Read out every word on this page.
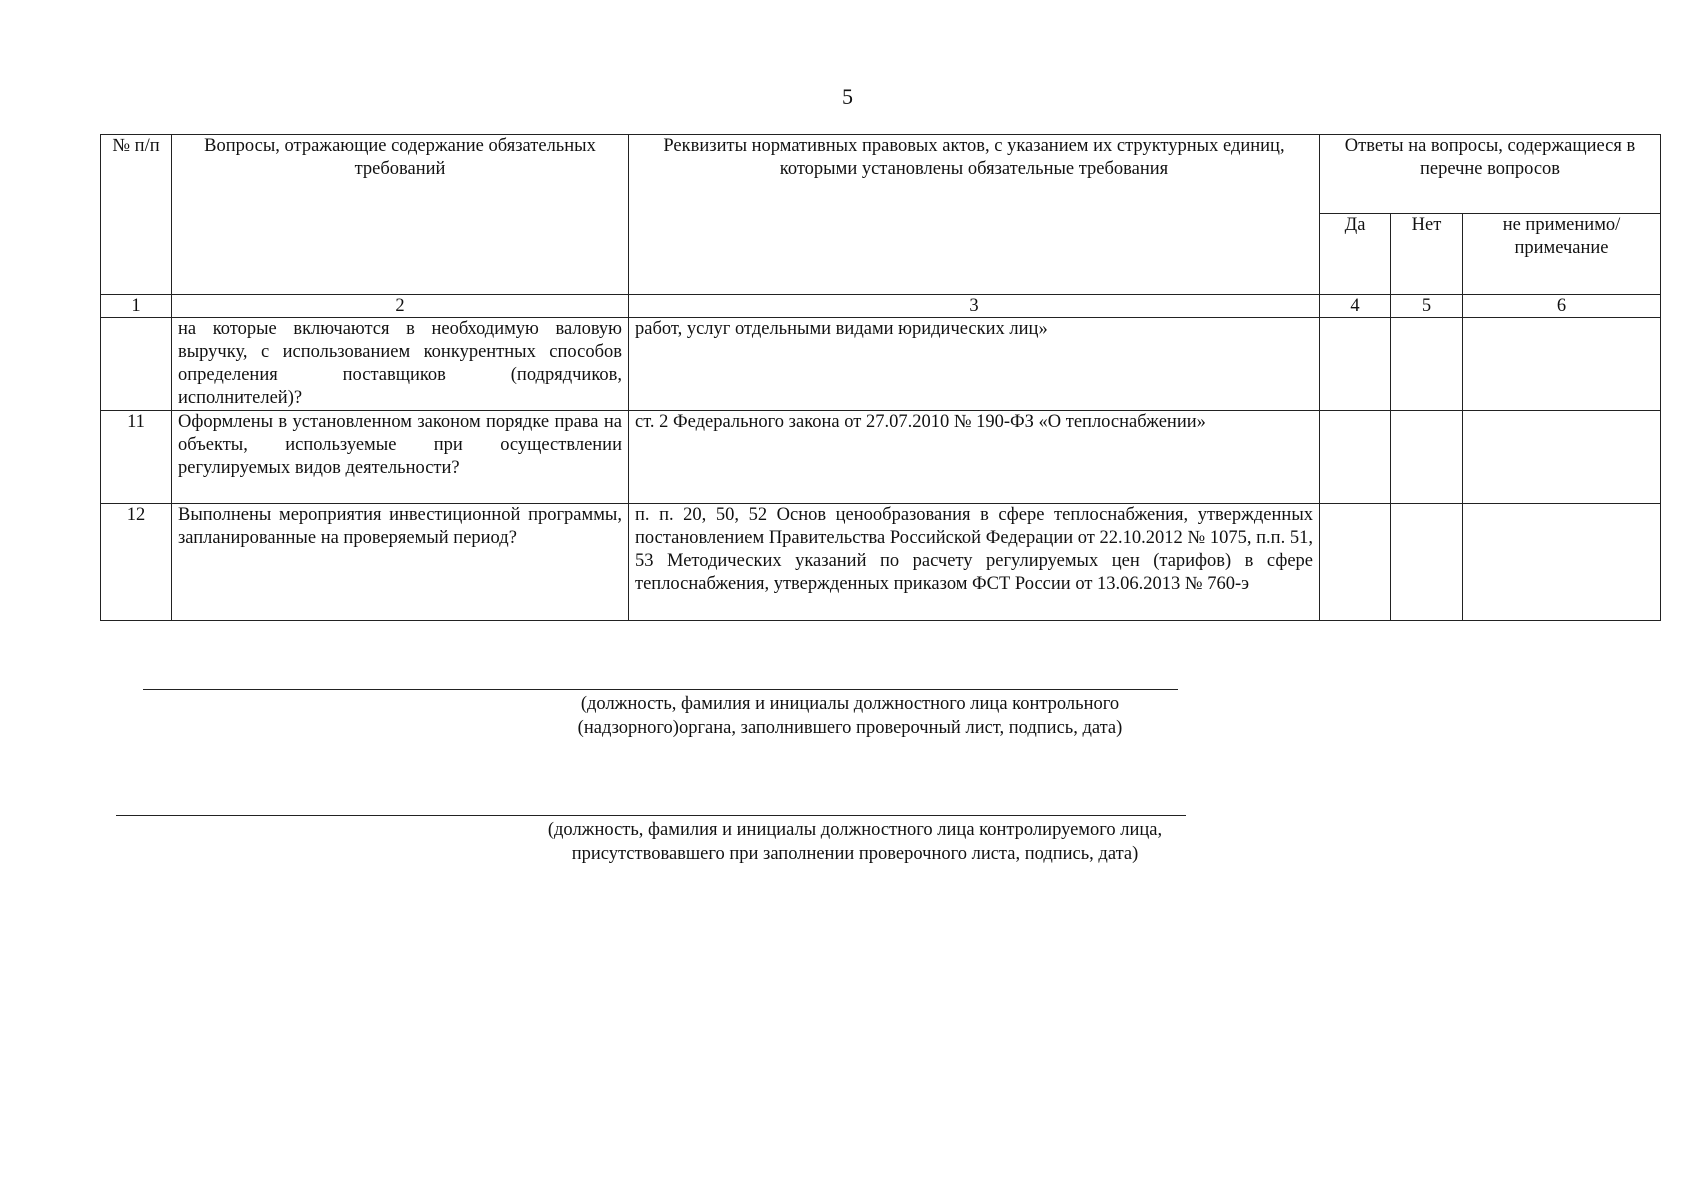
5
№ п/п	Вопросы, отражающие содержание обязательных требований	Реквизиты нормативных правовых актов, с указанием их структурных единиц, которыми установлены обязательные требования	Ответы на вопросы, содержащиеся в перечне вопросов		
			Да	Нет	не применимо/ примечание
1	2	3	4	5	6
	на которые включаются в необходимую валовую выручку, с использованием конкурентных способов определения поставщиков (подрядчиков, исполнителей)?	работ, услуг отдельными видами юридических лиц»			
11	Оформлены в установленном законом порядке права на объекты, используемые при осуществлении регулируемых видов деятельности?	ст. 2 Федерального закона от 27.07.2010 № 190-ФЗ «О теплоснабжении»			
12	Выполнены мероприятия инвестиционной программы, запланированные на проверяемый период?	п. п. 20, 50, 52 Основ ценообразования в сфере теплоснабжения, утвержденных постановлением Правительства Российской Федерации от 22.10.2012 № 1075, п.п. 51, 53 Методических указаний по расчету регулируемых цен (тарифов) в сфере теплоснабжения, утвержденных приказом ФСТ России от 13.06.2013 № 760-э			
(должность, фамилия и инициалы должностного лица контрольного
(надзорного)органа, заполнившего проверочный лист, подпись, дата)
(должность, фамилия и инициалы должностного лица контролируемого лица,
присутствовавшего при заполнении проверочного листа, подпись, дата)
